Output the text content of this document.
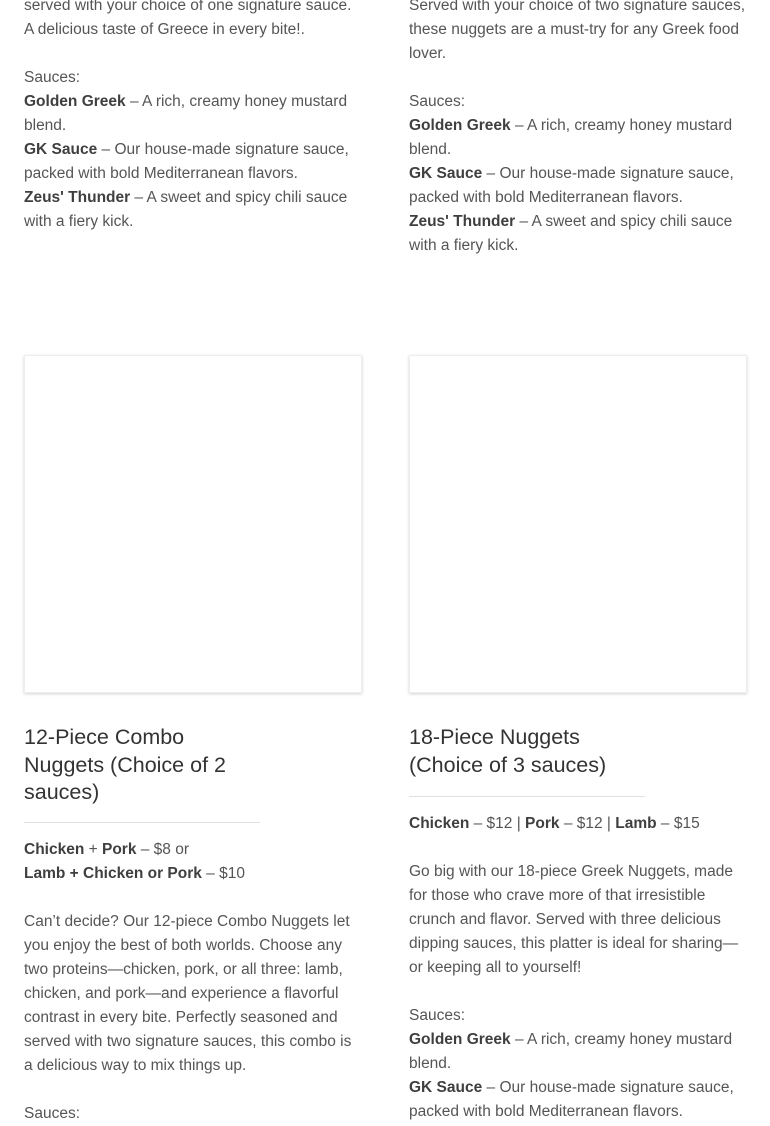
served with your choice of one signature sauce. A delicious taste of Greece in every bite!.

Sauces:

Golden Greek – A rich, creamy honey mustard blend.

GK Sauce – Our house-made signature sauce, packed with bold Mediterranean flavors.

Zeus' Thunder – A sweet and spicy chili sauce with a fiery kick.

Served with your choice of two signature sauces, these nuggets are a must-try for any Greek food lover.

Sauces:

Golden Greek – A rich, creamy honey mustard blend.

GK Sauce – Our house-made signature sauce, packed with bold Mediterranean flavors.

Zeus' Thunder – A sweet and spicy chili sauce with a fiery kick.

12-Piece Combo
Nuggets (Choice of 2
sauces)

Chicken + Pork – $8 or

Lamb + Chicken or Pork – $10

Can’t decide? Our 12-piece Combo Nuggets let you enjoy the best of both worlds. Choose any two proteins—chicken, pork, or all three: lamb, chicken, and pork—and experience a flavorful contrast in every bite. Perfectly seasoned and served with two signature sauces, this combo is a delicious way to mix things up.

Sauces:

18-Piece Nuggets
(Choice of 3 sauces)

Chicken – $12 | Pork – $12 | Lamb – $15

Go big with our 18-piece Greek Nuggets, made for those who crave more of that irresistible crunch and flavor. Served with three delicious dipping sauces, this platter is ideal for sharing—or keeping all to yourself!

Sauces:

Golden Greek – A rich, creamy honey mustard blend.

GK Sauce – Our house-made signature sauce, packed with bold Mediterranean flavors.
